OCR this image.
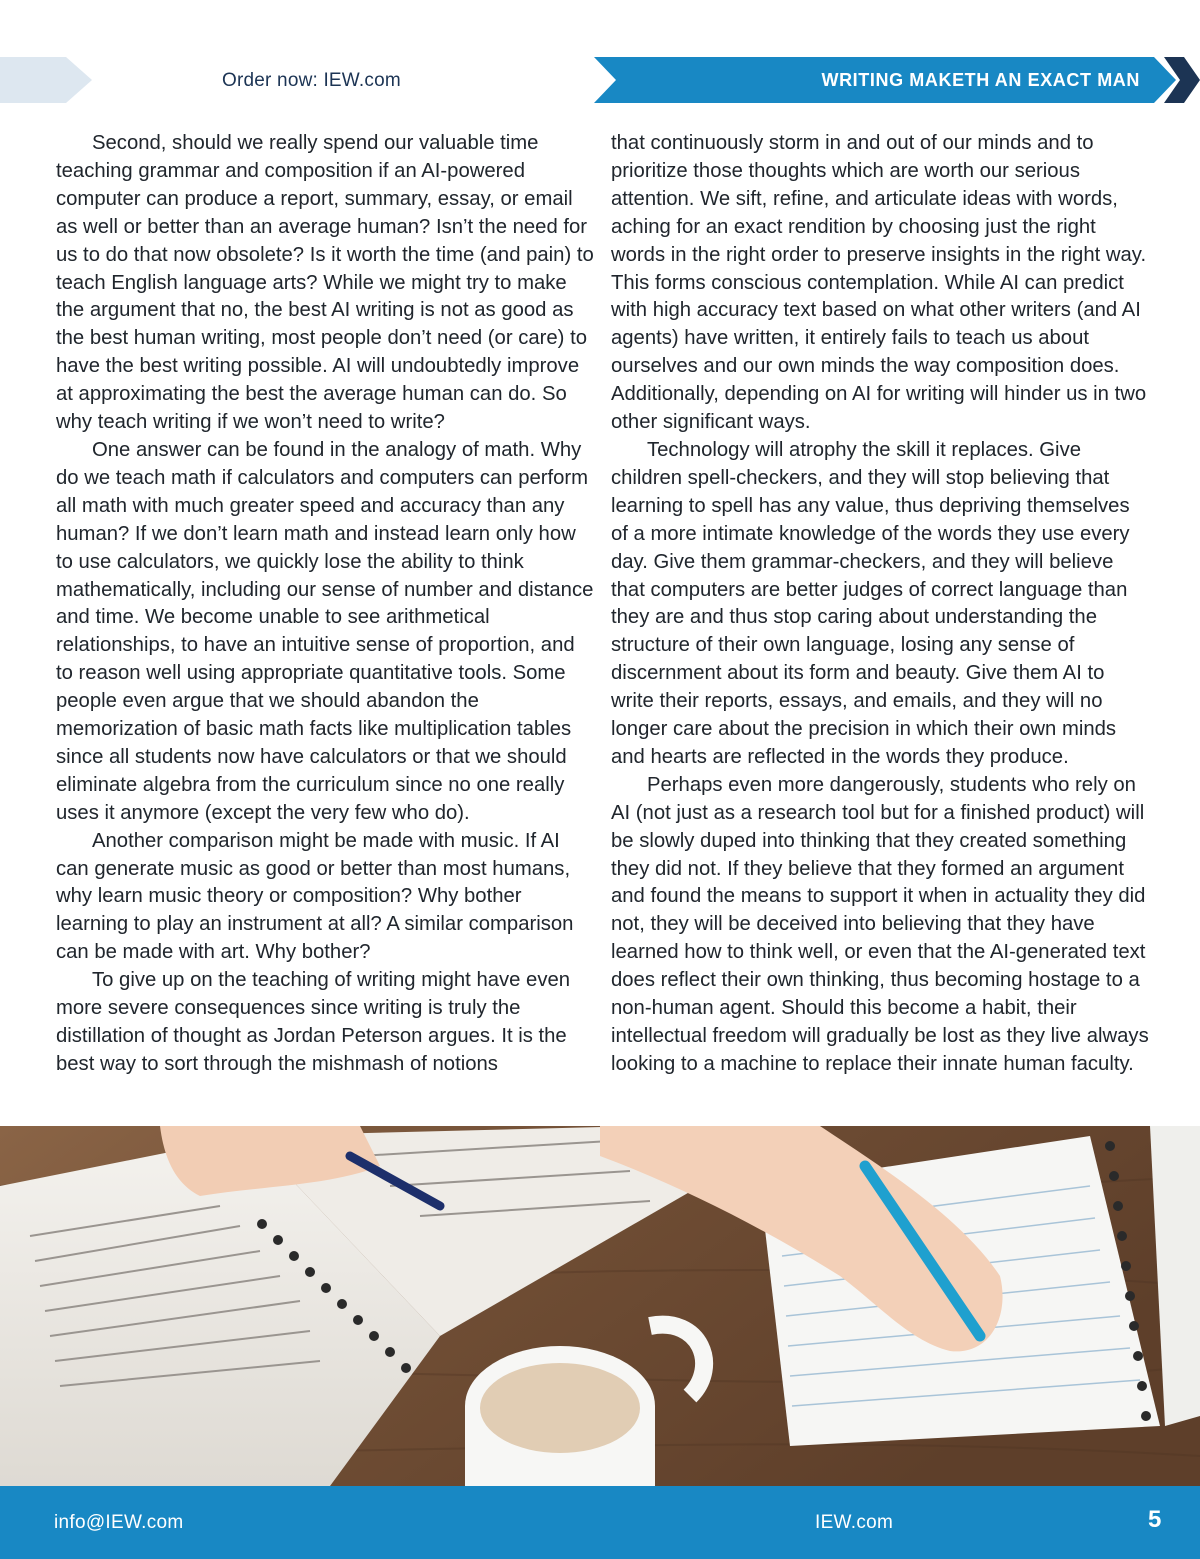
Order now: IEW.com	WRITING MAKETH AN EXACT MAN

Second, should we really spend our valuable time teaching grammar and composition if an AI-powered computer can produce a report, summary, essay, or email as well or better than an average human? Isn’t the need for us to do that now obsolete? Is it worth the time (and pain) to teach English language arts? While we might try to make the argument that no, the best AI writing is not as good as the best human writing, most people don’t need (or care) to have the best writing possible. AI will undoubtedly improve at approximating the best the average human can do. So why teach writing if we won’t need to write?

One answer can be found in the analogy of math. Why do we teach math if calculators and computers can perform all math with much greater speed and accuracy than any human? If we don’t learn math and instead learn only how to use calculators, we quickly lose the ability to think mathematically, including our sense of number and distance and time. We become unable to see arithmetical relationships, to have an intuitive sense of proportion, and to reason well using appropriate quantitative tools. Some people even argue that we should abandon the memorization of basic math facts like multiplication tables since all students now have calculators or that we should eliminate algebra from the curriculum since no one really uses it anymore (except the very few who do).

Another comparison might be made with music. If AI can generate music as good or better than most humans, why learn music theory or composition? Why bother learning to play an instrument at all? A similar comparison can be made with art. Why bother?

To give up on the teaching of writing might have even more severe consequences since writing is truly the distillation of thought as Jordan Peterson argues. It is the best way to sort through the mishmash of notions

that continuously storm in and out of our minds and to prioritize those thoughts which are worth our serious attention. We sift, refine, and articulate ideas with words, aching for an exact rendition by choosing just the right words in the right order to preserve insights in the right way. This forms conscious contemplation. While AI can predict with high accuracy text based on what other writers (and AI agents) have written, it entirely fails to teach us about ourselves and our own minds the way composition does. Additionally, depending on AI for writing will hinder us in two other significant ways.

Technology will atrophy the skill it replaces. Give children spell-checkers, and they will stop believing that learning to spell has any value, thus depriving themselves of a more intimate knowledge of the words they use every day. Give them grammar-checkers, and they will believe that computers are better judges of correct language than they are and thus stop caring about understanding the structure of their own language, losing any sense of discernment about its form and beauty. Give them AI to write their reports, essays, and emails, and they will no longer care about the precision in which their own minds and hearts are reflected in the words they produce.

Perhaps even more dangerously, students who rely on AI (not just as a research tool but for a finished product) will be slowly duped into thinking that they created something they did not. If they believe that they formed an argument and found the means to support it when in actuality they did not, they will be deceived into believing that they have learned how to think well, or even that the AI-generated text does reflect their own thinking, thus becoming hostage to a non-human agent. Should this become a habit, their intellectual freedom will gradually be lost as they live always looking to a machine to replace their innate human faculty.

info@IEW.com	IEW.com	5
